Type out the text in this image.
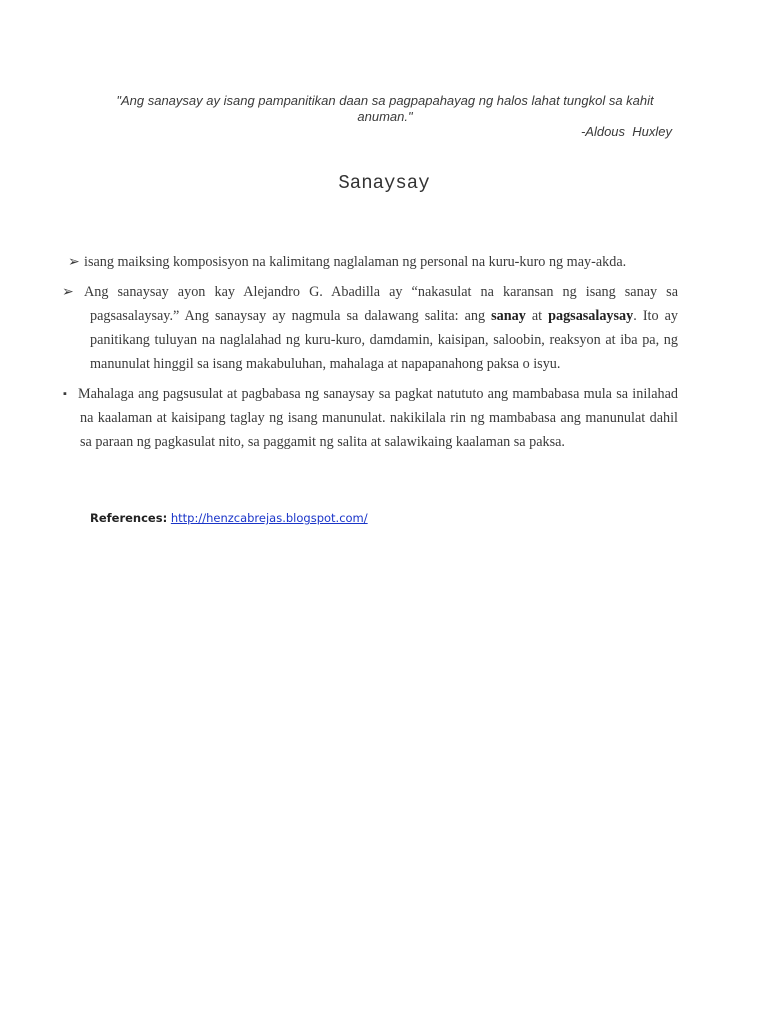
"Ang sanaysay ay isang pampanitikan daan sa pagpapahayag ng halos lahat tungkol sa kahit anuman."
-Aldous  Huxley
Sanaysay
➢ isang maiksing komposisyon na kalimitang naglalaman ng personal na kuru-kuro ng may-akda.
➢ Ang sanaysay ayon kay Alejandro G. Abadilla ay “nakasulat na karansan ng isang sanay sa pagsasalaysay.” Ang sanaysay ay nagmula sa dalawang salita: ang sanay at pagsasalaysay. Ito ay panitikang tuluyan na naglalahad ng kuru-kuro, damdamin, kaisipan, saloobin, reaksyon at iba pa, ng manunulat hinggil sa isang makabuluhan, mahalaga at napapanahong paksa o isyu.
▪ Mahalaga ang pagsusulat at pagbabasa ng sanaysay sa pagkat natututo ang mambabasa mula sa inilahad na kaalaman at kaisipang taglay ng isang manunulat. nakikilala rin ng mambabasa ang manunulat dahil sa paraan ng pagkasulat nito, sa paggamit ng salita at salawikaing kaalaman sa paksa.
References: http://henzcabrejas.blogspot.com/
